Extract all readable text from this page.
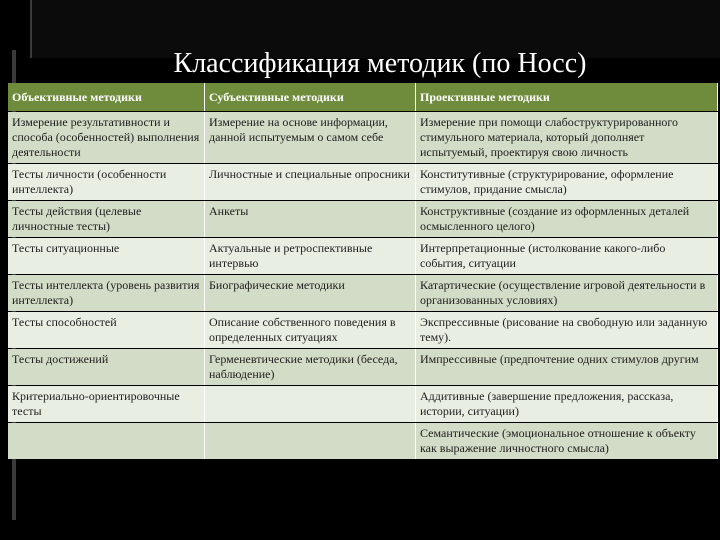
Классификация методик (по Носс)
Объективные методики	Субъективные методики	Проективные методики
Измерение результативности и способа (особенностей) выполнения деятельности	Измерение на основе информации, данной испытуемым о самом себе	Измерение при помощи слабоструктурированного стимульного материала, который дополняет испытуемый, проектируя свою личность
Тесты личности (особенности интеллекта)	Личностные и специальные опросники	Конститутивные (структурирование, оформление стимулов, придание смысла)
Тесты действия (целевые личностные тесты)	Анкеты	Конструктивные (создание из оформленных деталей осмысленного целого)
Тесты ситуационные	Актуальные и ретроспективные интервью	Интерпретационные (истолкование какого-либо события, ситуации
Тесты интеллекта (уровень развития интеллекта)	Биографические методики	Катартические (осуществление игровой деятельности в организованных условиях)
Тесты способностей	Описание собственного поведения в определенных ситуациях	Экспрессивные (рисование на свободную или заданную тему).
Тесты достижений	Герменевтические методики (беседа, наблюдение)	Импрессивные (предпочтение одних стимулов другим
Критериально-ориентировочные тесты		Аддитивные (завершение предложения, рассказа, истории, ситуации)
		Семантические (эмоциональное отношение к объекту как выражение личностного смысла)
